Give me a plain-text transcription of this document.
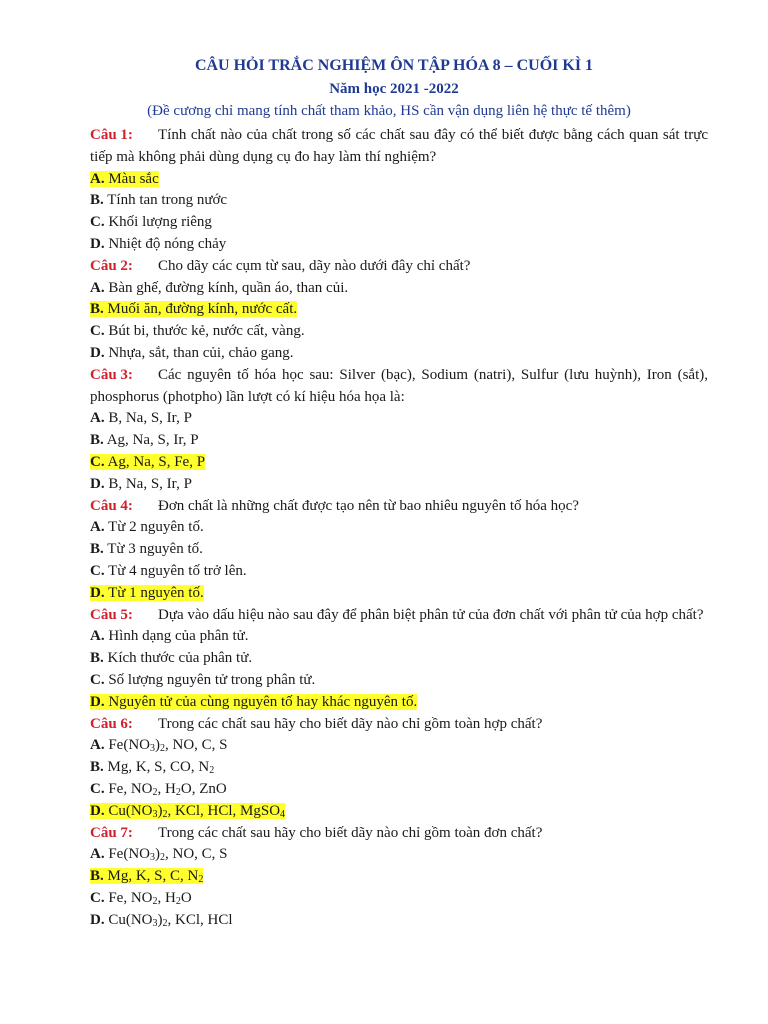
CÂU HỎI TRẮC NGHIỆM ÔN TẬP HÓA 8 – CUỐI KÌ 1
Năm học 2021 -2022
(Đề cương chỉ mang tính chất tham khảo, HS cần vận dụng liên hệ thực tế thêm)
Câu 1: Tính chất nào của chất trong số các chất sau đây có thể biết được bằng cách quan sát trực tiếp mà không phải dùng dụng cụ đo hay làm thí nghiệm?
A. Màu sắc
B. Tính tan trong nước
C. Khối lượng riêng
D. Nhiệt độ nóng chảy
Câu 2:	Cho dãy các cụm từ sau, dãy nào dưới đây chỉ chất?
A. Bàn ghế, đường kính, quần áo, than củi.
B. Muối ăn, đường kính, nước cất.
C. Bút bi, thước kẻ, nước cất, vàng.
D. Nhựa, sắt, than củi, chảo gang.
Câu 3: Các nguyên tố hóa học sau: Silver (bạc), Sodium (natri), Sulfur (lưu huỳnh), Iron (sắt), phosphorus (photpho) lần lượt có kí hiệu hóa họa là:
A. B, Na, S, Ir, P
B. Ag, Na, S, Ir, P
C. Ag, Na, S, Fe, P
D. B, Na, S, Ir, P
Câu 4:	Đơn chất là những chất được tạo nên từ bao nhiêu nguyên tố hóa học?
A. Từ 2 nguyên tố.
B. Từ 3 nguyên tố.
C. Từ 4 nguyên tố trở lên.
D. Từ 1 nguyên tố.
Câu 5:	Dựa vào dấu hiệu nào sau đây để phân biệt phân tử của đơn chất với phân tử của hợp chất?
A. Hình dạng của phân tử.
B. Kích thước của phân tử.
C. Số lượng nguyên tử trong phân tử.
D. Nguyên tử của cùng nguyên tố hay khác nguyên tố.
Câu 6:	Trong các chất sau hãy cho biết dãy nào chỉ gồm toàn hợp chất?
A. $Fe(NO_3)_2$, NO, C, S
B. Mg, K, S, CO, $N_2$
C. Fe, $NO_2$, $H_2O$, ZnO
D. $Cu(NO_3)_2$, KCl, HCl, MgSO$_4$
Câu 7:	Trong các chất sau hãy cho biết dãy nào chỉ gồm toàn đơn chất?
A. $Fe(NO_3)_2$, NO, C, S
B. Mg, K, S, C, $N_2$
C. Fe, $NO_2$, $H_2O$
D. $Cu(NO_3)_2$, KCl, HCl
